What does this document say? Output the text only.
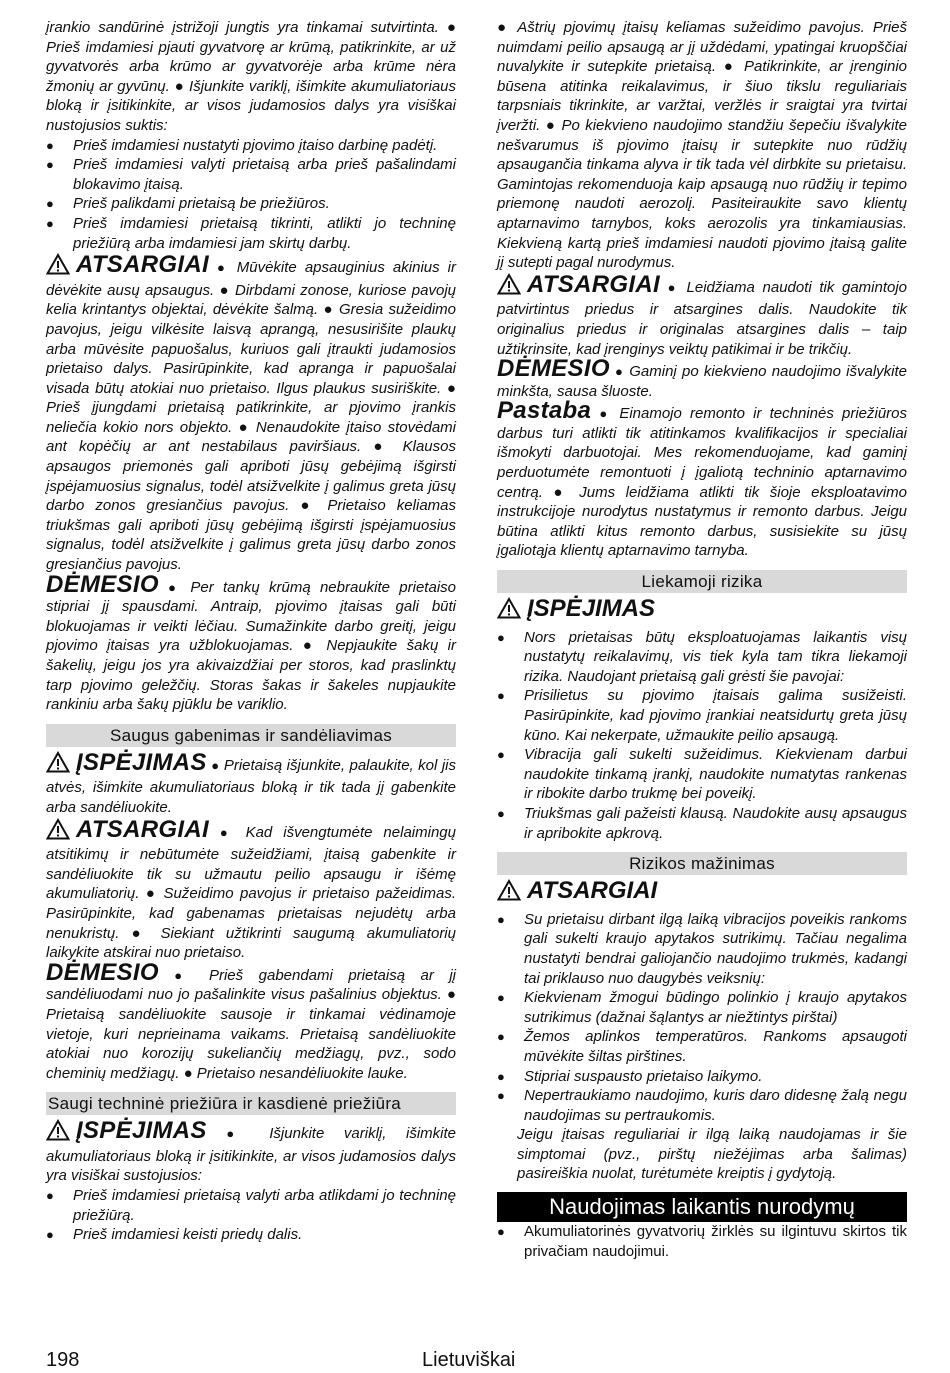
įrankio sandūrinė įstrižoji jungtis yra tinkamai sutvirtinta. ● Prieš imdamiesi pjauti gyvatvorę ar krūmą, patikrinkite, ar už gyvatvorės arba krūmo ar gyvatvorėje arba krūme nėra žmonių ar gyvūnų. ● Išjunkite variklį, išimkite akumuliatoriaus bloką ir įsitikinkite, ar visos judamosios dalys yra visiškai nustojusios suktis:

● Prieš imdamiesi nustatyti pjovimo įtaiso darbinę padėtį.
● Prieš imdamiesi valyti prietaisą arba prieš pašalindami blokavimo įtaisą.
● Prieš palikdami prietaisą be priežiūros.
● Prieš imdamiesi prietaisą tikrinti, atlikti jo techninę priežiūrą arba imdamiesi jam skirtų darbų.

ATSARGIAI ● Mūvėkite apsauginius akinius ir dėvėkite ausų apsaugus. ● Dirbdami zonose, kuriose pavojų kelia krintantys objektai, dėvėkite šalmą. ● Gresia sužeidimo pavojus, jeigu vilkėsite laisvą aprangą, nesusirišite plaukų arba mūvėsite papuošalus, kuriuos gali įtraukti judamosios prietaiso dalys. Pasirūpinkite, kad apranga ir papuošalai visada būtų atokiai nuo prietaiso. Ilgus plaukus susiriškite. ● Prieš įjungdami prietaisą patikrinkite, ar pjovimo įrankis neliečia kokio nors objekto. ● Nenaudokite įtaiso stovėdami ant kopėčių ar ant nestabilaus paviršiaus. ● Klausos apsaugos priemonės gali apriboti jūsų gebėjimą išgirsti įspėjamuosius signalus, todėl atsižvelkite į galimus greta jūsų darbo zonos gresiančius pavojus. ● Prietaiso keliamas triukšmas gali apriboti jūsų gebėjimą išgirsti įspėjamuosius signalus, todėl atsižvelkite į galimus greta jūsų darbo zonos gresiančius pavojus.

DĖMESIO ● Per tankų krūmą nebraukite prietaiso stipriai jį spausdami. Antraip, pjovimo įtaisas gali būti blokuojamas ir veikti lėčiau. Sumažinkite darbo greitį, jeigu pjovimo įtaisas yra užblokuojamas. ● Nepjaukite šakų ir šakelių, jeigu jos yra akivaizdžiai per storos, kad praslinktų tarp pjovimo geležčių. Storas šakas ir šakeles nupjaukite rankiniu arba šakų pjūklu be variklio.

Saugus gabenimas ir sandėliavimas

ĮSPĖJIMAS ● Prietaisą išjunkite, palaukite, kol jis atvės, išimkite akumuliatoriaus bloką ir tik tada jį gabenkite arba sandėliuokite.

ATSARGIAI ● Kad išvengtumėte nelaimingų atsitikimų ir nebūtumėte sužeidžiami, įtaisą gabenkite ir sandėliuokite tik su užmautu peilio apsaugu ir išėmę akumuliatorių. ● Sužeidimo pavojus ir prietaiso pažeidimas. Pasirūpinkite, kad gabenamas prietaisas nejudėtų arba nenukristų. ● Siekiant užtikrinti saugumą akumuliatorių laikykite atskirai nuo prietaiso.

DĖMESIO ● Prieš gabendami prietaisą ar jį sandėliuodami nuo jo pašalinkite visus pašalinius objektus. ● Prietaisą sandėliuokite sausoje ir tinkamai vėdinamoje vietoje, kuri neprieinama vaikams. Prietaisą sandėliuokite atokiai nuo korozijų sukeliančių medžiagų, pvz., sodo cheminių medžiagų. ● Prietaiso nesandėliuokite lauke.

Saugi techninė priežiūra ir kasdienė priežiūra

ĮSPĖJIMAS ● Išjunkite variklį, išimkite akumuliatoriaus bloką ir įsitikinkite, ar visos judamosios dalys yra visiškai sustojusios:

● Prieš imdamiesi prietaisą valyti arba atlikdami jo techninę priežiūrą.
● Prieš imdamiesi keisti priedų dalis.

● Aštrių pjovimų įtaisų keliamas sužeidimo pavojus. Prieš nuimdami peilio apsaugą ar jį uždėdami, ypatingai kruopščiai nuvalykite ir sutepkite prietaisą. ● Patikrinkite, ar įrenginio būsena atitinka reikalavimus, ir šiuo tikslu reguliariais tarpsniais tikrinkite, ar varžtai, veržlės ir sraigtai yra tvirtai įveržti. ● Po kiekvieno naudojimo standžiu šepečiu išvalykite nešvarumus iš pjovimo įtaisų ir sutepkite nuo rūdžių apsaugančia tinkama alyva ir tik tada vėl dirbkite su prietaisu. Gamintojas rekomenduoja kaip apsaugą nuo rūdžių ir tepimo priemonę naudoti aerozolį. Pasiteiraukite savo klientų aptarnavimo tarnybos, koks aerozolis yra tinkamiausias. Kiekvieną kartą prieš imdamiesi naudoti pjovimo įtaisą galite jį sutepti pagal nurodymus.

ATSARGIAI ● Leidžiama naudoti tik gamintojo patvirtintus priedus ir atsargines dalis. Naudokite tik originalius priedus ir originalas atsargines dalis – taip užtikrinsite, kad įrenginys veiktų patikimai ir be trikčių.

DĖMESIO ● Gaminį po kiekvieno naudojimo išvalykite minkšta, sausa šluoste.

Pastaba ● Einamojo remonto ir techninės priežiūros darbus turi atlikti tik atitinkamos kvalifikacijos ir specialiai išmokyti darbuotojai. Mes rekomenduojame, kad gaminį perduotumėte remontuoti į įgaliotą techninio aptarnavimo centrą. ● Jums leidžiama atlikti tik šioje eksploatavimo instrukcijoje nurodytus nustatymus ir remonto darbus. Jeigu būtina atlikti kitus remonto darbus, susisiekite su jūsų įgaliotąja klientų aptarnavimo tarnyba.

Liekamoji rizika
ĮSPĖJIMAS
● Nors prietaisas būtų eksploatuojamas laikantis visų nustatytų reikalavimų, vis tiek kyla tam tikra liekamoji rizika. Naudojant prietaisą gali grėsti šie pavojai:
● Prisilietus su pjovimo įtaisais galima susižeisti. Pasirūpinkite, kad pjovimo įrankiai neatsidurtų greta jūsų kūno. Kai nekerpate, užmaukite peilio apsaugą.
● Vibracija gali sukelti sužeidimus. Kiekvienam darbui naudokite tinkamą įrankį, naudokite numatytas rankenas ir ribokite darbo trukmę bei poveikį.
● Triukšmas gali pažeisti klausą. Naudokite ausų apsaugus ir apribokite apkrovą.
Rizikos mažinimas
ATSARGIAI
● Su prietaisu dirbant ilgą laiką vibracijos poveikis rankoms gali sukelti kraujo apytakos sutrikimų. Tačiau negalima nustatyti bendrai galiojančio naudojimo trukmės, kadangi tai priklauso nuo daugybės veiksnių:
● Kiekvienam žmogui būdingo polinkio į kraujo apytakos sutrikimus (dažnai šąlantys ar niežtintys pirštai)
● Žemos aplinkos temperatūros. Rankoms apsaugoti mūvėkite šiltas pirštines.
● Stipriai suspausto prietaiso laikymo.
● Nepertraukiamo naudojimo, kuris daro didesnę žalą negu naudojimas su pertraukomis.

Jeigu įtaisas reguliariai ir ilgą laiką naudojamas ir šie simptomai (pvz., pirštų niežėjimas arba šalimas) pasireiškia nuolat, turėtumėte kreiptis į gydytoją.

Naudojimas laikantis nurodymų
● Akumuliatorinės gyvatvorių žirklės su ilgintuvu skirtos tik privačiam naudojimui.
198	Lietuviškai
